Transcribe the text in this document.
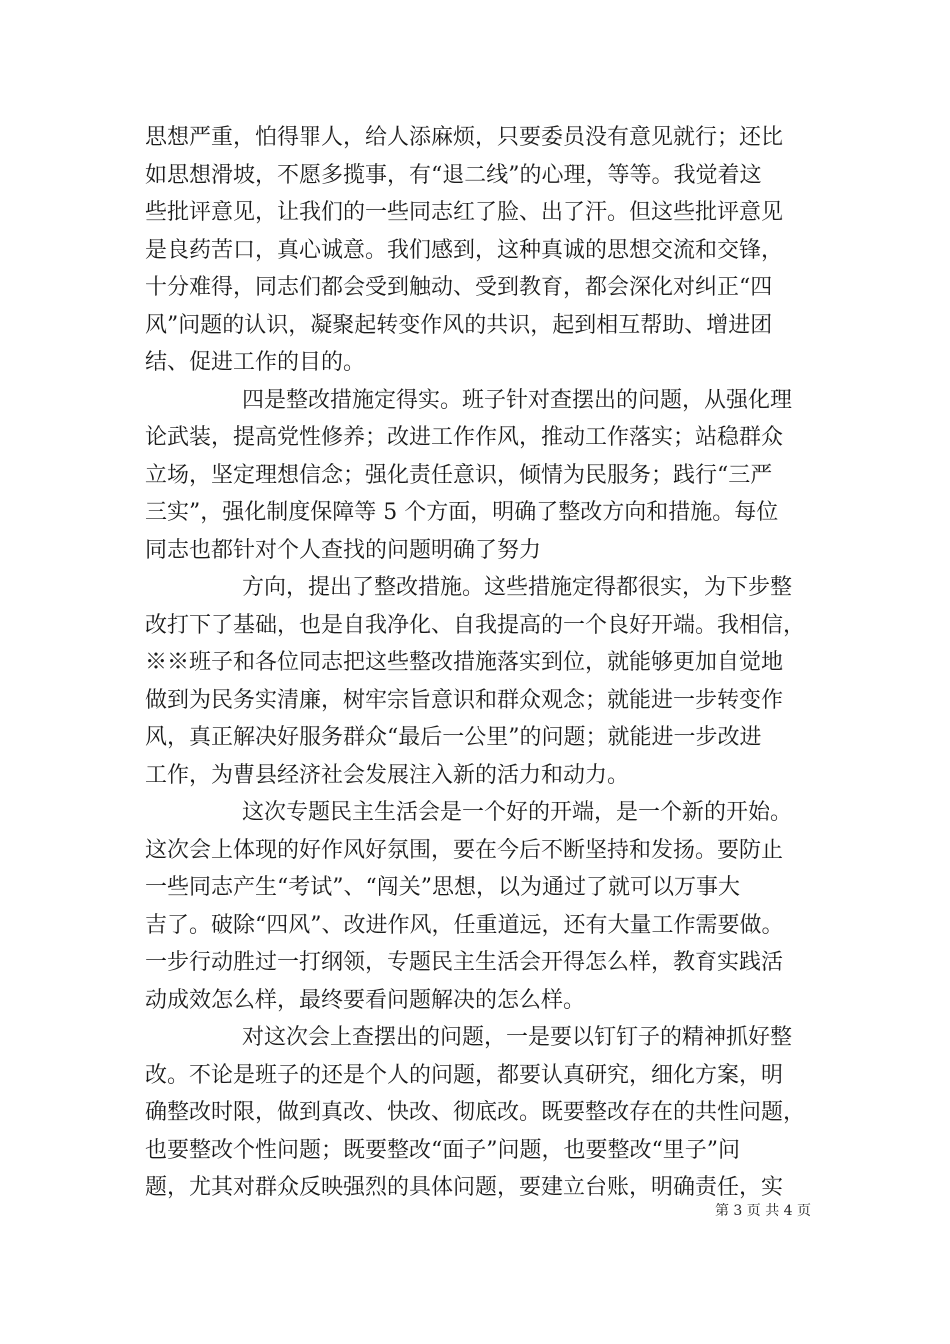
思想严重，怕得罪人，给人添麻烦，只要委员没有意见就行；还比
如思想滑坡，不愿多揽事，有“退二线”的心理，等等。我觉着这
些批评意见，让我们的一些同志红了脸、出了汗。但这些批评意见
是良药苦口，真心诚意。我们感到，这种真诚的思想交流和交锋，
十分难得，同志们都会受到触动、受到教育，都会深化对纠正“四
风”问题的认识，凝聚起转变作风的共识，起到相互帮助、增进团
结、促进工作的目的。
四是整改措施定得实。班子针对查摆出的问题，从强化理
论武装，提高党性修养；改进工作作风，推动工作落实；站稳群众
立场，坚定理想信念；强化责任意识，倾情为民服务；践行“三严
三实”，强化制度保障等 5 个方面，明确了整改方向和措施。每位
同志也都针对个人查找的问题明确了努力
方向，提出了整改措施。这些措施定得都很实，为下步整
改打下了基础，也是自我净化、自我提高的一个良好开端。我相信，
※※班子和各位同志把这些整改措施落实到位，就能够更加自觉地
做到为民务实清廉，树牢宗旨意识和群众观念；就能进一步转变作
风，真正解决好服务群众“最后一公里”的问题；就能进一步改进
工作，为曹县经济社会发展注入新的活力和动力。
这次专题民主生活会是一个好的开端，是一个新的开始。
这次会上体现的好作风好氛围，要在今后不断坚持和发扬。要防止
一些同志产生“考试”、“闯关”思想，以为通过了就可以万事大
吉了。破除“四风”、改进作风，任重道远，还有大量工作需要做。
一步行动胜过一打纲领，专题民主生活会开得怎么样，教育实践活
动成效怎么样，最终要看问题解决的怎么样。
对这次会上查摆出的问题，一是要以钉钉子的精神抓好整
改。不论是班子的还是个人的问题，都要认真研究，细化方案，明
确整改时限，做到真改、快改、彻底改。既要整改存在的共性问题，
也要整改个性问题；既要整改“面子”问题，也要整改“里子”问
题，尤其对群众反映强烈的具体问题，要建立台账，明确责任，实
第 3 页 共 4 页
